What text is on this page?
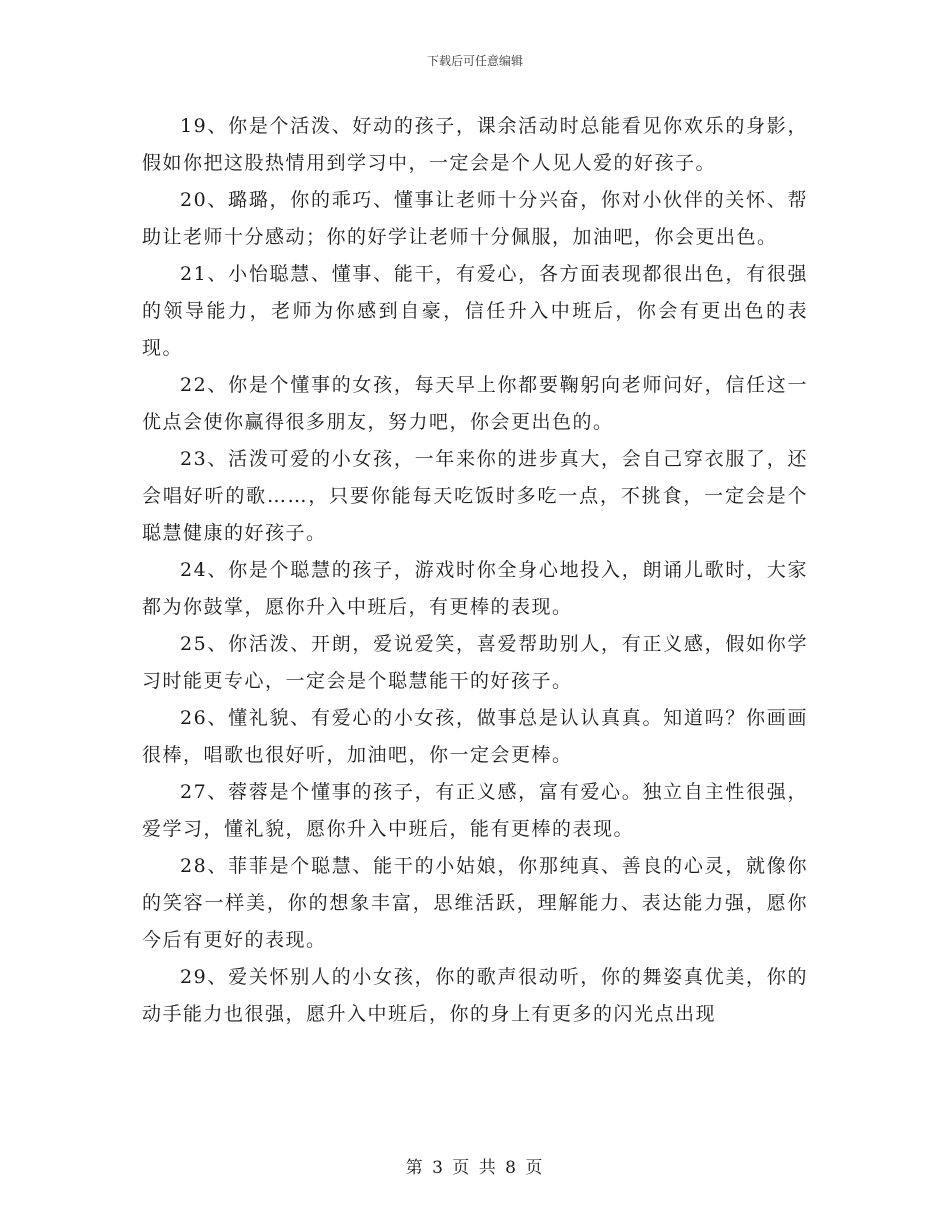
下载后可任意编辑

19、你是个活泼、好动的孩子，课余活动时总能看见你欢乐的身影，假如你把这股热情用到学习中，一定会是个人见人爱的好孩子。

20、璐璐，你的乖巧、懂事让老师十分兴奋，你对小伙伴的关怀、帮助让老师十分感动；你的好学让老师十分佩服，加油吧，你会更出色。

21、小怡聪慧、懂事、能干，有爱心，各方面表现都很出色，有很强的领导能力，老师为你感到自豪，信任升入中班后，你会有更出色的表现。

22、你是个懂事的女孩，每天早上你都要鞠躬向老师问好，信任这一优点会使你赢得很多朋友，努力吧，你会更出色的。

23、活泼可爱的小女孩，一年来你的进步真大，会自己穿衣服了，还会唱好听的歌……，只要你能每天吃饭时多吃一点，不挑食，一定会是个聪慧健康的好孩子。

24、你是个聪慧的孩子，游戏时你全身心地投入，朗诵儿歌时，大家都为你鼓掌，愿你升入中班后，有更棒的表现。

25、你活泼、开朗，爱说爱笑，喜爱帮助别人，有正义感，假如你学习时能更专心，一定会是个聪慧能干的好孩子。

26、懂礼貌、有爱心的小女孩，做事总是认认真真。知道吗？你画画很棒，唱歌也很好听，加油吧，你一定会更棒。

27、蓉蓉是个懂事的孩子，有正义感，富有爱心。独立自主性很强，爱学习，懂礼貌，愿你升入中班后，能有更棒的表现。

28、菲菲是个聪慧、能干的小姑娘，你那纯真、善良的心灵，就像你的笑容一样美，你的想象丰富，思维活跃，理解能力、表达能力强，愿你今后有更好的表现。

29、爱关怀别人的小女孩，你的歌声很动听，你的舞姿真优美，你的动手能力也很强，愿升入中班后，你的身上有更多的闪光点出现

第 3 页 共 8 页
